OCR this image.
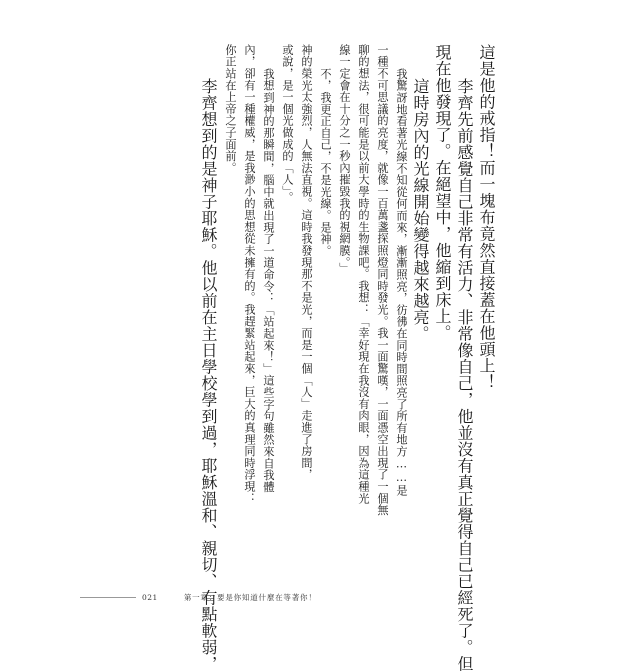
這是他的戒指！而一塊布竟然直接蓋在他頭上！
李齊先前感覺自己非常有活力、非常像自己，他並沒有真正覺得自己已經死了。但
現在他發現了。在絕望中，他縮到床上。
這時房內的光線開始變得越來越亮。
我驚訝地看著光線不知從何而來，漸漸照亮，彷彿在同時間照亮了所有地方……是
一種不可思議的亮度，就像一百萬盞探照燈同時發光。我一面驚嘆，一面憑空出現了一個無
聊的想法，很可能是以前大學時的生物課吧。我想：「幸好現在我沒有肉眼，因為這種光
線一定會在十分之一秒內摧毀我的視網膜。」
不，我更正自己，不是光線。是神。
神的榮光太強烈，人無法直視。這時我發現那不是光，而是一個「人」走進了房間，
或說，是一個光做成的「人」。
我想到神的那瞬間，腦中就出現了一道命令：「站起來！」這些字句雖然來自我體
內，卻有一種權威，是我渺小的思想從未擁有的。我趕緊站起來，巨大的真理同時浮現：
你正站在上帝之子面前。
李齊想到的是神子耶穌。他以前在主日學校學到過，耶穌溫和、親切、有點軟弱，
021	第一章：要是你知道什麼在等著你！
